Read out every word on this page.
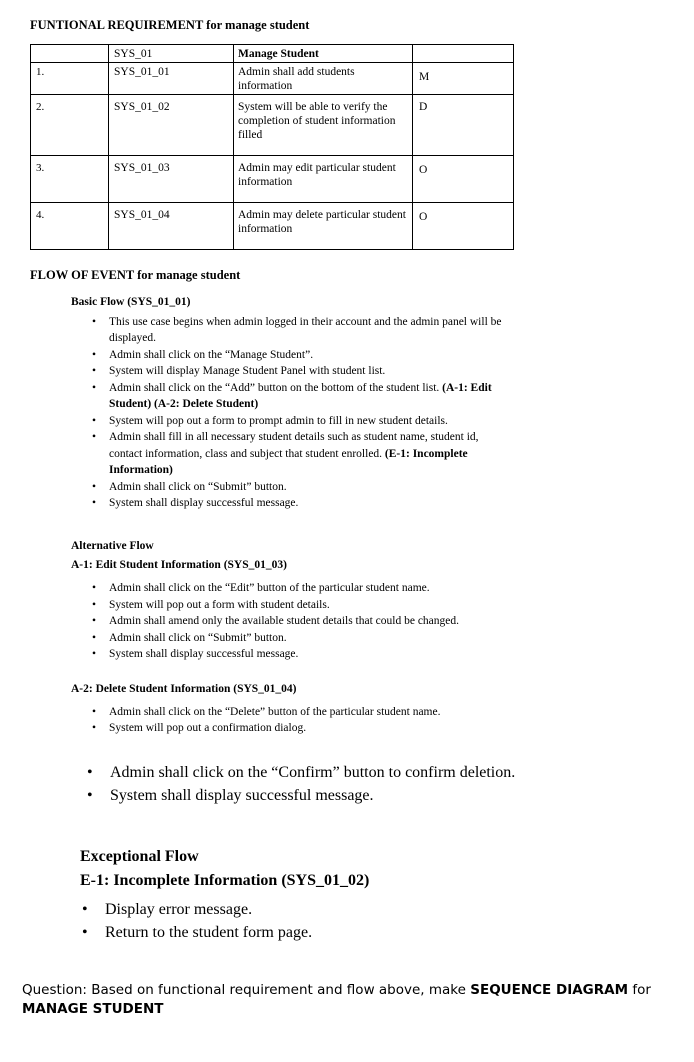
FUNTIONAL REQUIREMENT for manage student
	SYS_01	Manage Student	
1.	SYS_01_01	Admin shall add students information	M
2.	SYS_01_02	System will be able to verify the completion of student information filled	D
3.	SYS_01_03	Admin may edit particular student information	O
4.	SYS_01_04	Admin may delete particular student information	O
FLOW OF EVENT for manage student
Basic Flow (SYS_01_01)
• This use case begins when admin logged in their account and the admin panel will be displayed.
• Admin shall click on the “Manage Student”.
• System will display Manage Student Panel with student list.
• Admin shall click on the “Add” button on the bottom of the student list. (A-1: Edit Student) (A-2: Delete Student)
• System will pop out a form to prompt admin to fill in new student details.
• Admin shall fill in all necessary student details such as student name, student id, contact information, class and subject that student enrolled. (E-1: Incomplete Information)
• Admin shall click on “Submit” button.
• System shall display successful message.
Alternative Flow
A-1: Edit Student Information (SYS_01_03)
• Admin shall click on the “Edit” button of the particular student name.
• System will pop out a form with student details.
• Admin shall amend only the available student details that could be changed.
• Admin shall click on “Submit” button.
• System shall display successful message.
A-2: Delete Student Information (SYS_01_04)
• Admin shall click on the “Delete” button of the particular student name.
• System will pop out a confirmation dialog.
• Admin shall click on the “Confirm” button to confirm deletion.
• System shall display successful message.
Exceptional Flow
E-1: Incomplete Information (SYS_01_02)
• Display error message.
• Return to the student form page.
Question: Based on functional requirement and flow above, make SEQUENCE DIAGRAM for
MANAGE STUDENT
